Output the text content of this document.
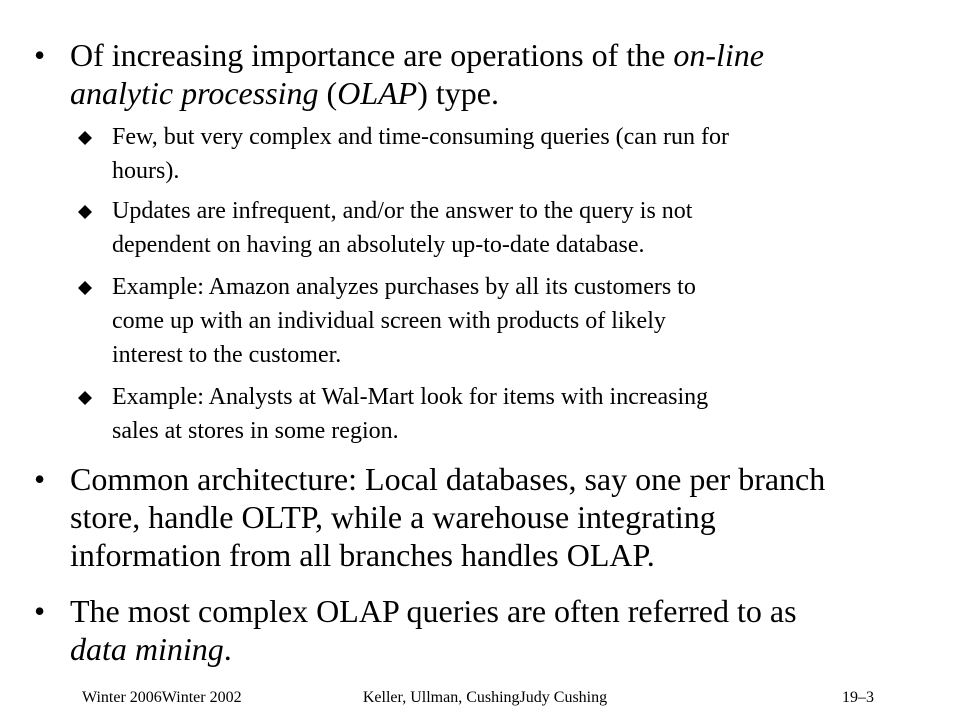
• Of increasing importance are operations of the on-line
analytic processing (OLAP) type.
Few, but very complex and time-consuming queries (can run for
hours).
Updates are infrequent, and/or the answer to the query is not
dependent on having an absolutely up-to-date database.
Example: Amazon analyzes purchases by all its customers to
come up with an individual screen with products of likely
interest to the customer.
Example: Analysts at Wal-Mart look for items with increasing
sales at stores in some region.
• Common architecture: Local databases, say one per branch
store, handle OLTP, while a warehouse integrating
information from all branches handles OLAP.
• The most complex OLAP queries are often referred to as
data mining.
Winter 2006Winter 2002	Keller, Ullman, CushingJudy Cushing	19–3
